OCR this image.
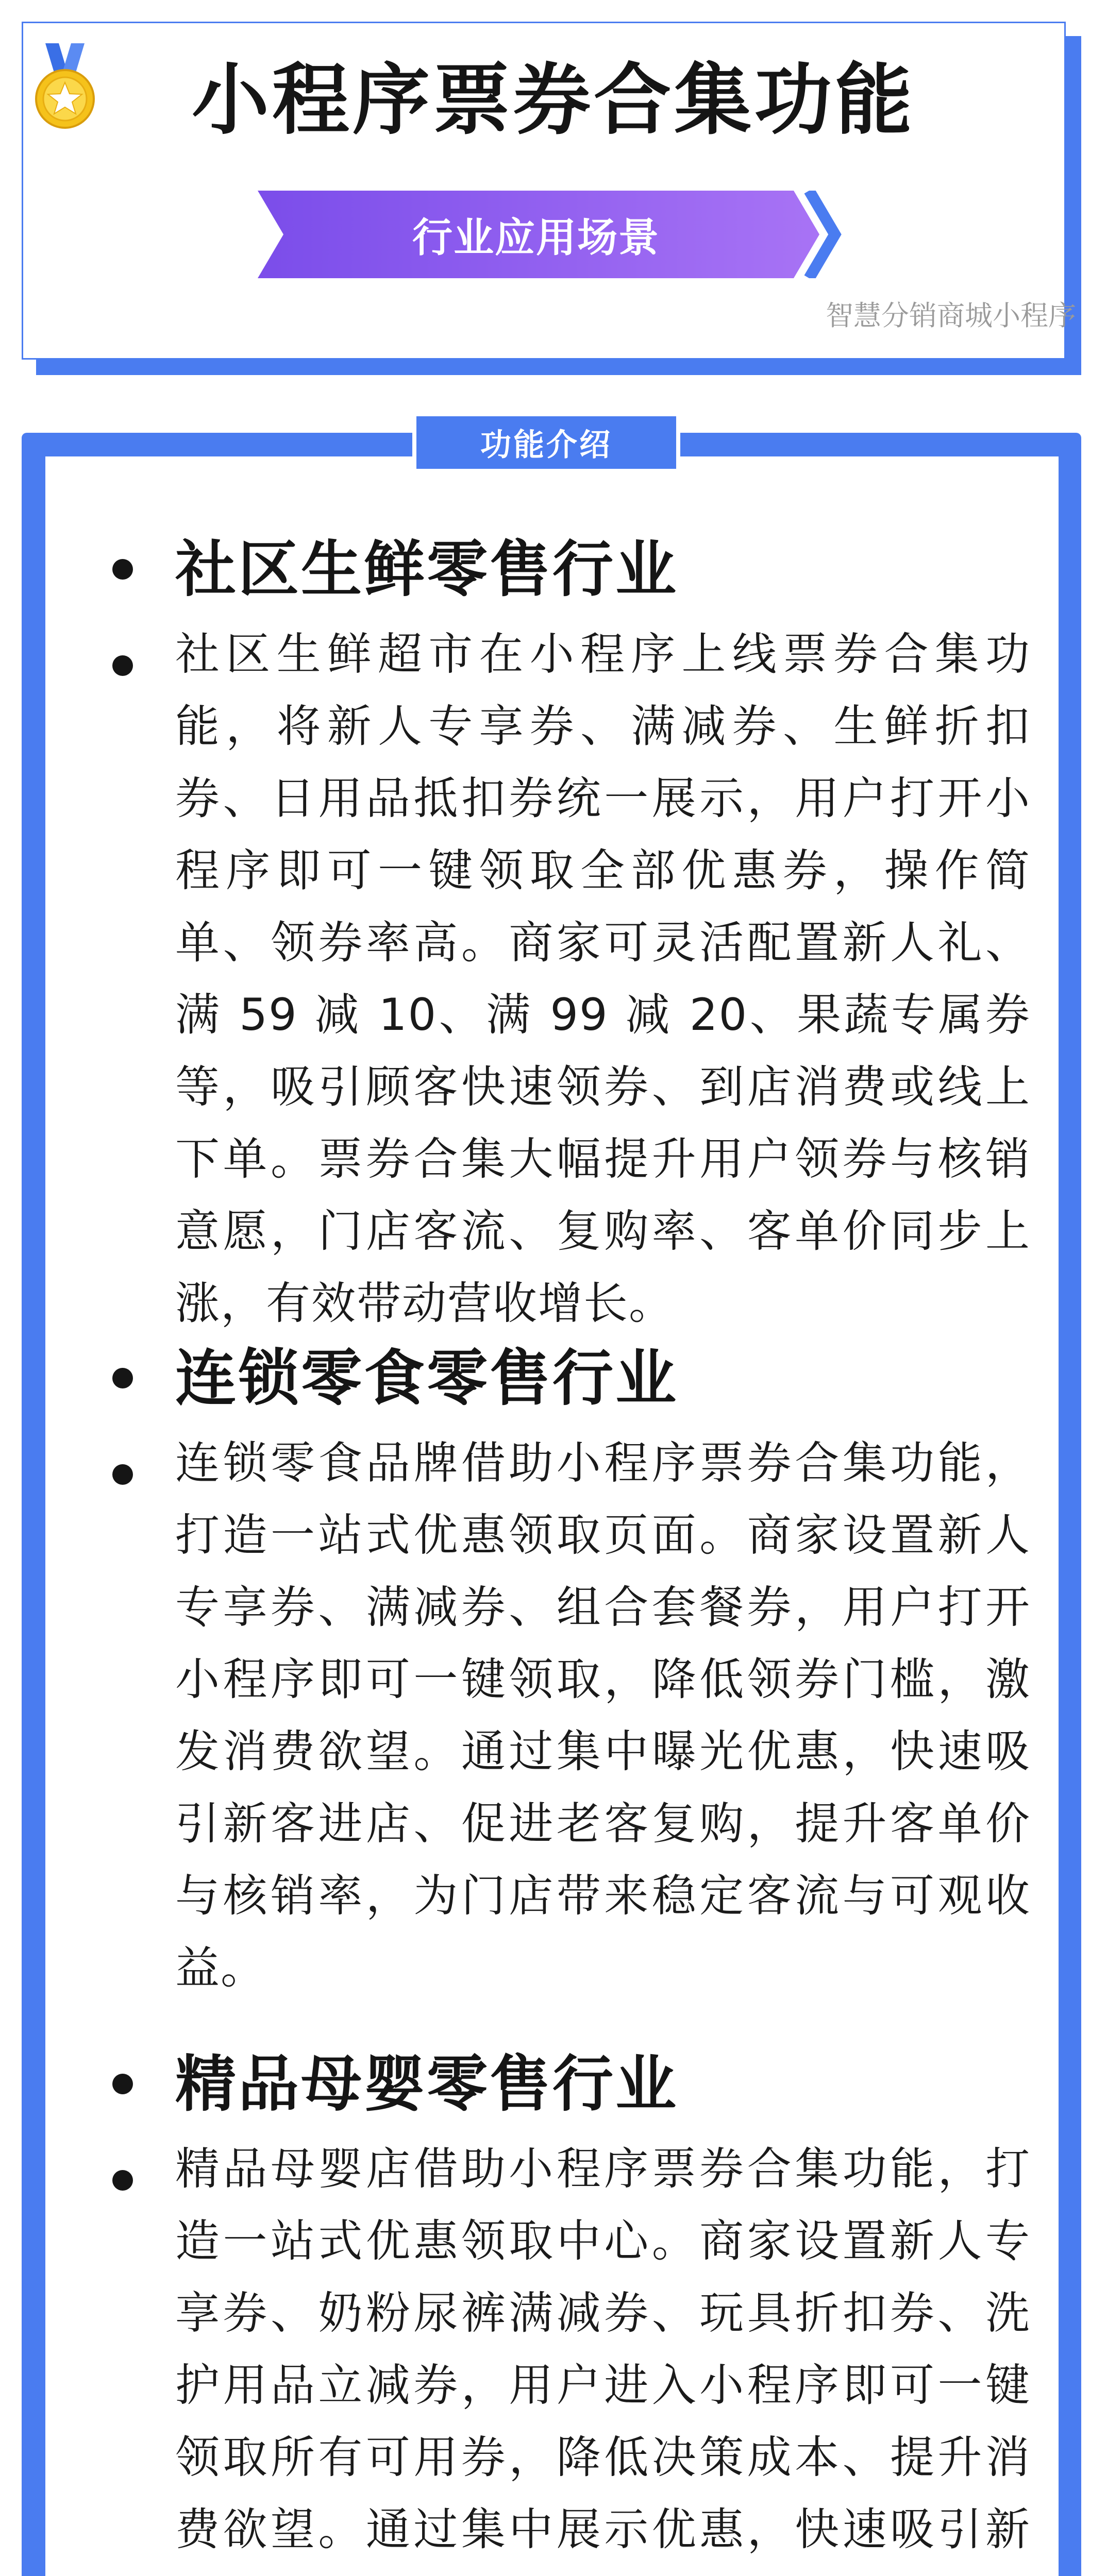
小程序票券合集功能
行业应用场景
智慧分销商城小程序
功能介绍
社区生鲜零售行业
社区生鲜超市在小程序上线票券合集功能，将新人专享券、满减券、生鲜折扣券、日用品抵扣券统一展示，用户打开小程序即可一键领取全部优惠券，操作简单、领券率高。商家可灵活配置新人礼、满 59 减 10、满 99 减 20、果蔬专属券等，吸引顾客快速领券、到店消费或线上下单。票券合集大幅提升用户领券与核销意愿，门店客流、复购率、客单价同步上涨，有效带动营收增长。
连锁零食零售行业
连锁零食品牌借助小程序票券合集功能，打造一站式优惠领取页面。商家设置新人专享券、满减券、组合套餐券，用户打开小程序即可一键领取，降低领券门槛，激发消费欲望。通过集中曝光优惠，快速吸引新客进店、促进老客复购，提升客单价与核销率，为门店带来稳定客流与可观收益。
精品母婴零售行业
精品母婴店借助小程序票券合集功能，打造一站式优惠领取中心。商家设置新人专享券、奶粉尿裤满减券、玩具折扣券、洗护用品立减券，用户进入小程序即可一键领取所有可用券，降低决策成本、提升消费欲望。通过集中展示优惠，快速吸引新
